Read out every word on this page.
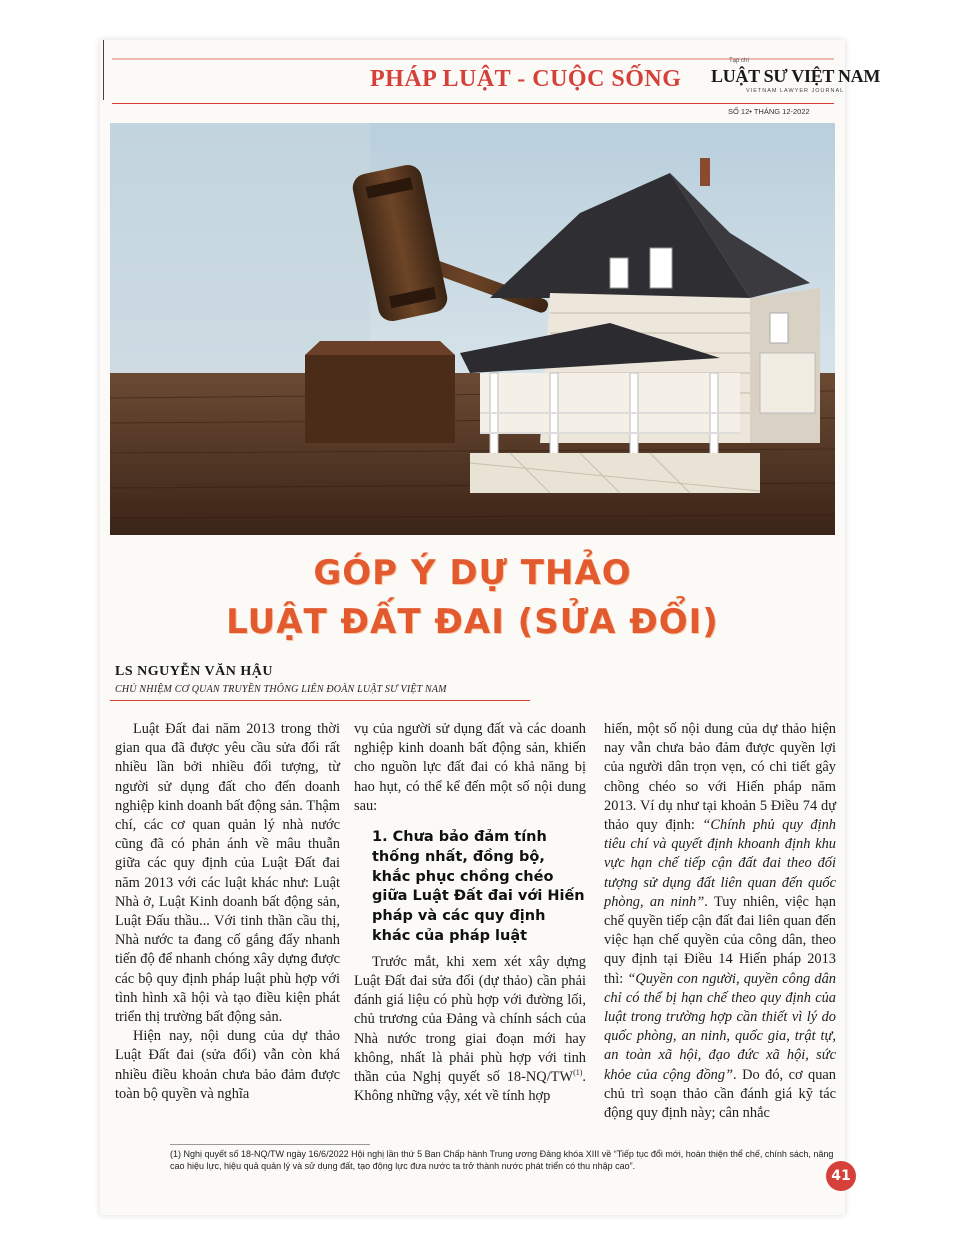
PHÁP LUẬT - CUỘC SỐNG
Tạp chí
LUẬT SƯ VIỆT NAM
VIETNAM LAWYER JOURNAL
SỐ 12• THÁNG 12-2022
GÓP Ý DỰ THẢO
LUẬT ĐẤT ĐAI (SỬA ĐỔI)
LS NGUYỄN VĂN HẬU
CHỦ NHIỆM CƠ QUAN TRUYỀN THÔNG LIÊN ĐOÀN LUẬT SƯ VIỆT NAM

Luật Đất đai năm 2013 trong thời gian qua đã được yêu cầu sửa đổi rất nhiều lần bởi nhiều đối tượng, từ người sử dụng đất cho đến doanh nghiệp kinh doanh bất động sản. Thậm chí, các cơ quan quản lý nhà nước cũng đã có phản ánh về mâu thuẫn giữa các quy định của Luật Đất đai năm 2013 với các luật khác như: Luật Nhà ở, Luật Kinh doanh bất động sản, Luật Đấu thầu... Với tinh thần cầu thị, Nhà nước ta đang cố gắng đẩy nhanh tiến độ để nhanh chóng xây dựng được các bộ quy định pháp luật phù hợp với tình hình xã hội và tạo điều kiện phát triển thị trường bất động sản.

Hiện nay, nội dung của dự thảo Luật Đất đai (sửa đổi) vẫn còn khá nhiều điều khoản chưa bảo đảm được toàn bộ quyền và nghĩa

vụ của người sử dụng đất và các doanh nghiệp kinh doanh bất động sản, khiến cho nguồn lực đất đai có khả năng bị hao hụt, có thể kể đến một số nội dung sau:

1. Chưa bảo đảm tính thống nhất, đồng bộ, khắc phục chồng chéo giữa Luật Đất đai với Hiến pháp và các quy định khác của pháp luật

Trước mắt, khi xem xét xây dựng Luật Đất đai sửa đổi (dự thảo) cần phải đánh giá liệu có phù hợp với đường lối, chủ trương của Đảng và chính sách của Nhà nước trong giai đoạn mới hay không, nhất là phải phù hợp với tinh thần của Nghị quyết số 18-NQ/TW$^{(1)}$. Không những vậy, xét về tính hợp

hiến, một số nội dung của dự thảo hiện nay vẫn chưa bảo đảm được quyền lợi của người dân trọn vẹn, có chi tiết gây chồng chéo so với Hiến pháp năm 2013. Ví dụ như tại khoản 5 Điều 74 dự thảo quy định: “Chính phủ quy định tiêu chí và quyết định khoanh định khu vực hạn chế tiếp cận đất đai theo đối tượng sử dụng đất liên quan đến quốc phòng, an ninh”. Tuy nhiên, việc hạn chế quyền tiếp cận đất đai liên quan đến việc hạn chế quyền của công dân, theo quy định tại Điều 14 Hiến pháp 2013 thì: “Quyền con người, quyền công dân chỉ có thể bị hạn chế theo quy định của luật trong trường hợp cần thiết vì lý do quốc phòng, an ninh, quốc gia, trật tự, an toàn xã hội, đạo đức xã hội, sức khỏe của cộng đồng”. Do đó, cơ quan chủ trì soạn thảo cần đánh giá kỹ tác động quy định này; cân nhắc

(1) Nghị quyết số 18-NQ/TW ngày 16/6/2022 Hội nghị lần thứ 5 Ban Chấp hành Trung ương Đảng khóa XIII về “Tiếp tục đổi mới, hoàn thiện thể chế, chính sách, nâng cao hiệu lực, hiệu quả quản lý và sử dụng đất, tạo động lực đưa nước ta trở thành nước phát triển có thu nhập cao”.
41
